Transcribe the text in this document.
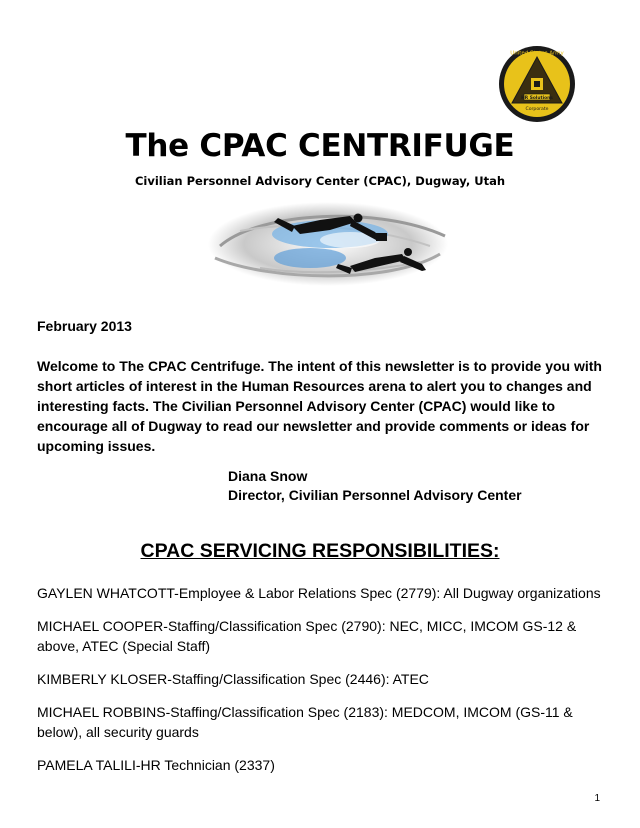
United States Army
HR Solutions
Corporate
The CPAC CENTRIFUGE
Civilian Personnel Advisory Center (CPAC), Dugway, Utah
February 2013
Welcome to The CPAC Centrifuge. The intent of this newsletter is to provide you with short articles of interest in the Human Resources arena to alert you to changes and interesting facts. The Civilian Personnel Advisory Center (CPAC) would like to encourage all of Dugway to read our newsletter and provide comments or ideas for upcoming issues.
Diana Snow
Director, Civilian Personnel Advisory Center
CPAC SERVICING RESPONSIBILITIES:
GAYLEN WHATCOTT-Employee & Labor Relations Spec (2779): All Dugway organizations
MICHAEL COOPER-Staffing/Classification Spec (2790): NEC, MICC, IMCOM GS-12 & above, ATEC (Special Staff)
KIMBERLY KLOSER-Staffing/Classification Spec (2446): ATEC
MICHAEL ROBBINS-Staffing/Classification Spec (2183): MEDCOM, IMCOM (GS-11 & below), all security guards
PAMELA TALILI-HR Technician (2337)
1
